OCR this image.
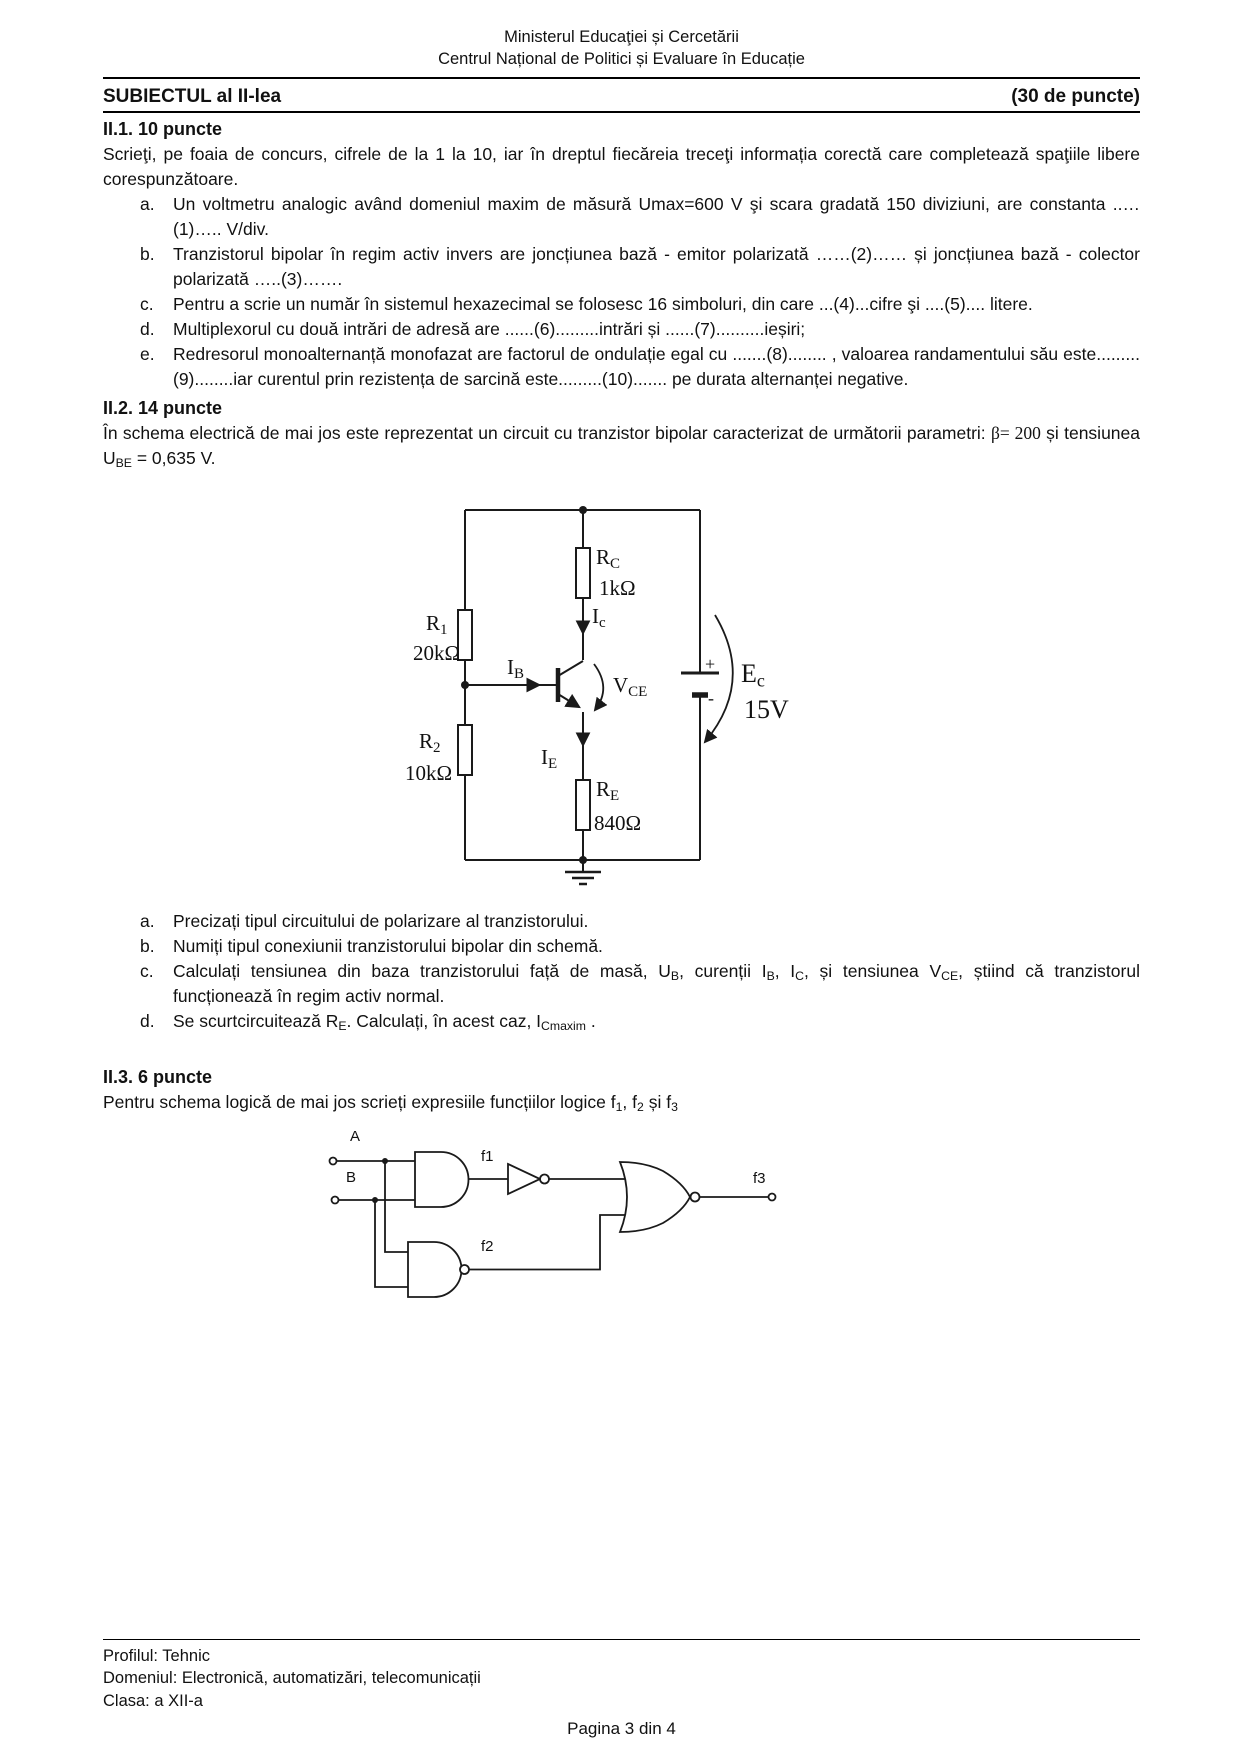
Ministerul Educaţiei și Cercetării
Centrul Național de Politici și Evaluare în Educație
SUBIECTUL al II-lea	(30 de puncte)
II.1. 10 puncte
Scrieţi, pe foaia de concurs, cifrele de la 1 la 10, iar în dreptul fiecăreia treceţi informația corectă care completează spaţiile libere corespunzătoare.
a.	Un voltmetru analogic având domeniul maxim de măsură Umax=600 V şi scara gradată 150 diviziuni, are constanta ..…(1)….. V/div.
b.	Tranzistorul bipolar în regim activ invers are joncțiunea bază - emitor polarizată ……(2)…… și joncțiunea bază - colector polarizată …..(3)…….
c.	Pentru a scrie un număr în sistemul hexazecimal se folosesc 16 simboluri, din care ...(4)...cifre şi ....(5).... litere.
d.	Multiplexorul cu două intrări de adresă are ......(6).........intrări și ......(7)..........ieșiri;
e.	Redresorul monoalternanță monofazat are factorul de ondulație egal cu .......(8)........ , valoarea randamentului său este.........(9)........iar curentul prin rezistența de sarcină este.........(10)....... pe durata alternanței negative.
II.2. 14 puncte
În schema electrică de mai jos este reprezentat un circuit cu tranzistor bipolar caracterizat de următorii parametri: β= 200 și tensiunea $U_{BE} = 0,635$ V.
$R_1$
20kΩ
$R_2$
10kΩ
$R_C$
1kΩ
$I_c$
$I_B$	$V_{CE}$
$I_E$
$R_E$
840Ω
$E_c$
15V
+
-
a.	Precizați tipul circuitului de polarizare al tranzistorului.
b.	Numiți tipul conexiunii tranzistorului bipolar din schemă.
c.	Calculați tensiunea din baza tranzistorului față de masă, $U_B$, curenții $I_B$, $I_C$, și tensiunea $V_{CE}$, știind că tranzistorul funcționează în regim activ normal.
d.	Se scurtcircuitează $R_E$. Calculați, în acest caz, $I_{Cmaxim}$ .
II.3. 6 puncte
Pentru schema logică de mai jos scrieți expresiile funcțiilor logice $f_1$, $f_2$ și $f_3$
A
B
f1
f2
f3
Profilul: Tehnic
Domeniul: Electronică, automatizări, telecomunicații
Clasa: a XII-a
Pagina 3 din 4
